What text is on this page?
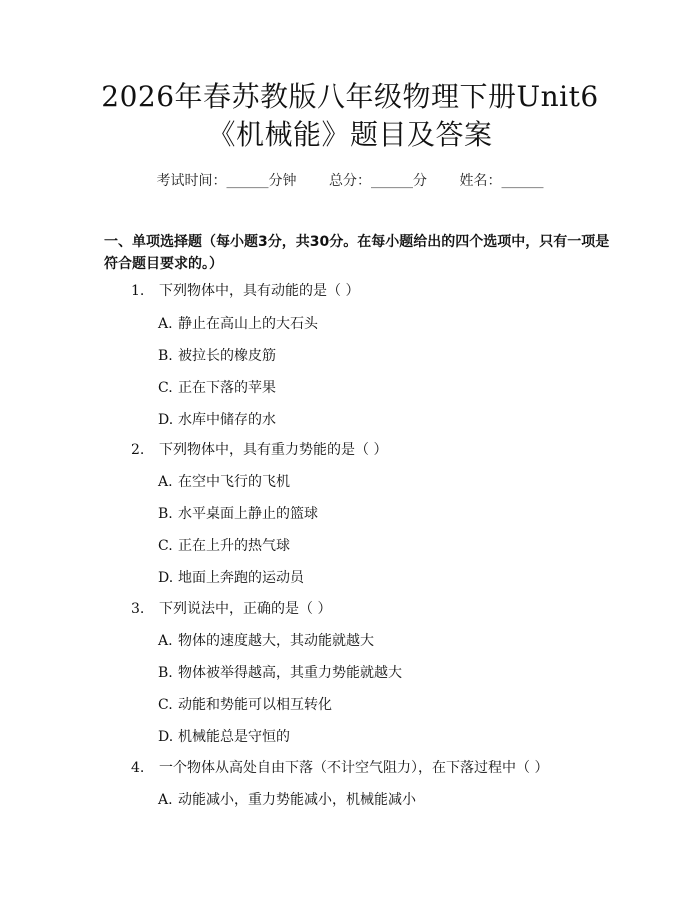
2026年春苏教版八年级物理下册Unit6《机械能》题目及答案
考试时间：______分钟 总分：______分 姓名：______
一、单项选择题（每小题3分，共30分。在每小题给出的四个选项中，只有一项是符合题目要求的。）
1. 下列物体中，具有动能的是（ ）
A. 静止在高山上的大石头
B. 被拉长的橡皮筋
C. 正在下落的苹果
D. 水库中储存的水
2. 下列物体中，具有重力势能的是（ ）
A. 在空中飞行的飞机
B. 水平桌面上静止的篮球
C. 正在上升的热气球
D. 地面上奔跑的运动员
3. 下列说法中，正确的是（ ）
A. 物体的速度越大，其动能就越大
B. 物体被举得越高，其重力势能就越大
C. 动能和势能可以相互转化
D. 机械能总是守恒的
4. 一个物体从高处自由下落（不计空气阻力），在下落过程中（ ）
A. 动能减小，重力势能减小，机械能减小
